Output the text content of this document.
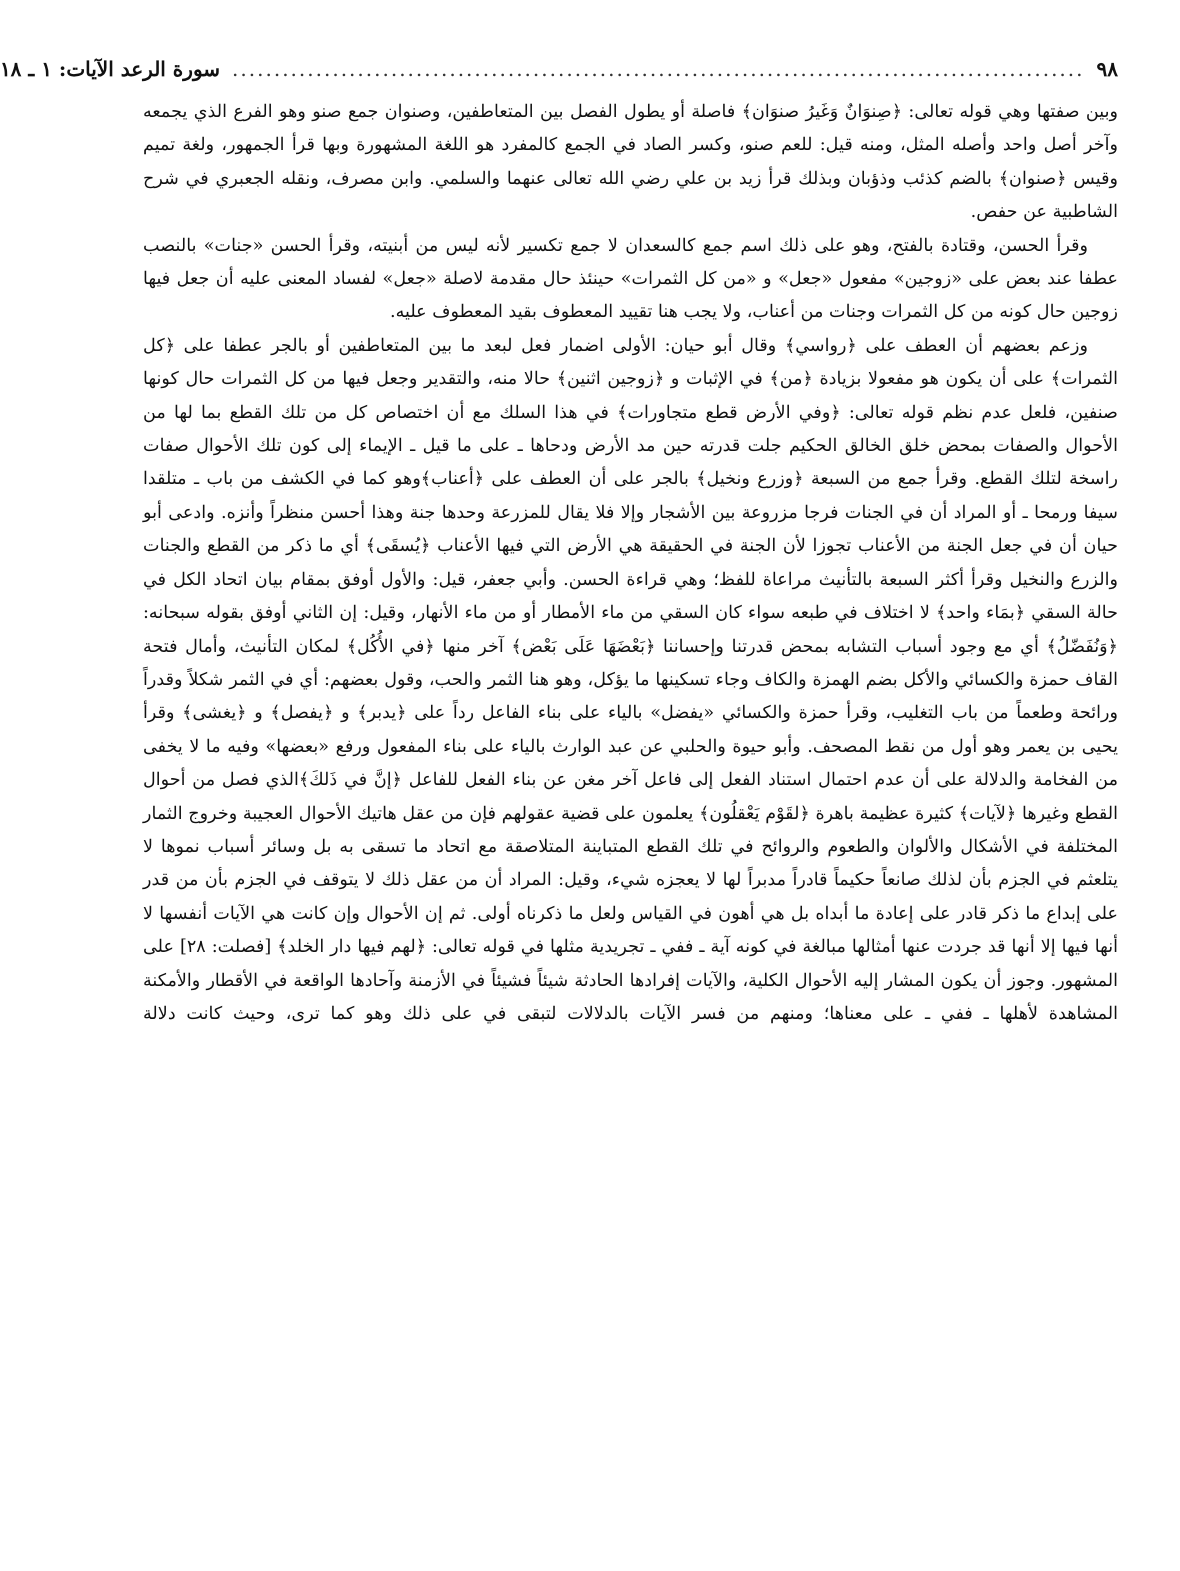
٩٨
......................................................................................................
سورة الرعد الآيات: ١ ـ ١٨

وبين صفتها وهي قوله تعالى: ﴿صِنوَانٌ وَغَيرُ صنوَان﴾ فاصلة أو يطول الفصل بين المتعاطفين، وصنوان جمع صنو وهو الفرع الذي يجمعه وآخر أصل واحد وأصله المثل، ومنه قيل: للعم صنو، وكسر الصاد في الجمع كالمفرد هو اللغة المشهورة وبها قرأ الجمهور، ولغة تميم وقيس ﴿صنوان﴾ بالضم كذئب وذؤبان وبذلك قرأ زيد بن علي رضي الله تعالى عنهما والسلمي. وابن مصرف، ونقله الجعبري في شرح الشاطبية عن حفص.

وقرأ الحسن، وقتادة بالفتح، وهو على ذلك اسم جمع كالسعدان لا جمع تكسير لأنه ليس من أبنيته، وقرأ الحسن «جنات» بالنصب عطفا عند بعض على «زوجين» مفعول «جعل» و «من كل الثمرات» حينئذ حال مقدمة لاصلة «جعل» لفساد المعنى عليه أن جعل فيها زوجين حال كونه من كل الثمرات وجنات من أعناب، ولا يجب هنا تقييد المعطوف بقيد المعطوف عليه.

وزعم بعضهم أن العطف على ﴿رواسي﴾ وقال أبو حيان: الأولى اضمار فعل لبعد ما بين المتعاطفين أو بالجر عطفا على ﴿كل الثمرات﴾ على أن يكون هو مفعولا بزيادة ﴿من﴾ في الإثبات و ﴿زوجين اثنين﴾ حالا منه، والتقدير وجعل فيها من كل الثمرات حال كونها صنفين، فلعل عدم نظم قوله تعالى: ﴿وفي الأرض قطع متجاورات﴾ في هذا السلك مع أن اختصاص كل من تلك القطع بما لها من الأحوال والصفات بمحض خلق الخالق الحكيم جلت قدرته حين مد الأرض ودحاها ـ على ما قيل ـ الإيماء إلى كون تلك الأحوال صفات راسخة لتلك القطع. وقرأ جمع من السبعة ﴿وزرع ونخيل﴾ بالجر على أن العطف على ﴿أعناب﴾وهو كما في الكشف من باب ـ متلقدا سيفا ورمحا ـ أو المراد أن في الجنات فرجا مزروعة بين الأشجار وإلا فلا يقال للمزرعة وحدها جنة وهذا أحسن منظراً وأنزه. وادعى أبو حيان أن في جعل الجنة من الأعناب تجوزا لأن الجنة في الحقيقة هي الأرض التي فيها الأعناب ﴿يُسقَى﴾ أي ما ذكر من القطع والجنات والزرع والنخيل وقرأ أكثر السبعة بالتأنيث مراعاة للفظ؛ وهي قراءة الحسن. وأبي جعفر، قيل: والأول أوفق بمقام بيان اتحاد الكل في حالة السقي ﴿بمَاء واحد﴾ لا اختلاف في طبعه سواء كان السقي من ماء الأمطار أو من ماء الأنهار، وقيل: إن الثاني أوفق بقوله سبحانه: ﴿وَنُفَضّلُ﴾ أي مع وجود أسباب التشابه بمحض قدرتنا وإحساننا ﴿بَعْضَهَا عَلَى بَعْض﴾ آخر منها ﴿في الأُكُل﴾ لمكان التأنيث، وأمال فتحة القاف حمزة والكسائي والأكل بضم الهمزة والكاف وجاء تسكينها ما يؤكل، وهو هنا الثمر والحب، وقول بعضهم: أي في الثمر شكلاً وقدراً ورائحة وطعماً من باب التغليب، وقرأ حمزة والكسائي «يفضل» بالياء على بناء الفاعل رداً على ﴿يدبر﴾ و ﴿يفصل﴾ و ﴿يغشى﴾ وقرأ يحيى بن يعمر وهو أول من نقط المصحف. وأبو حيوة والحلبي عن عبد الوارث بالياء على بناء المفعول ورفع «بعضها» وفيه ما لا يخفى من الفخامة والدلالة على أن عدم احتمال استناد الفعل إلى فاعل آخر مغن عن بناء الفعل للفاعل ﴿إنَّ في ذَلكَ﴾الذي فصل من أحوال القطع وغيرها ﴿لآيات﴾ كثيرة عظيمة باهرة ﴿لقَوْم يَعْقلُون﴾ يعلمون على قضية عقولهم فإن من عقل هاتيك الأحوال العجيبة وخروج الثمار المختلفة في الأشكال والألوان والطعوم والروائح في تلك القطع المتباينة المتلاصقة مع اتحاد ما تسقى به بل وسائر أسباب نموها لا يتلعثم في الجزم بأن لذلك صانعاً حكيماً قادراً مدبراً لها لا يعجزه شيء، وقيل: المراد أن من عقل ذلك لا يتوقف في الجزم بأن من قدر على إبداع ما ذكر قادر على إعادة ما أبداه بل هي أهون في القياس ولعل ما ذكرناه أولى. ثم إن الأحوال وإن كانت هي الآيات أنفسها لا أنها فيها إلا أنها قد جردت عنها أمثالها مبالغة في كونه آية ـ ففي ـ تجريدية مثلها في قوله تعالى: ﴿لهم فيها دار الخلد﴾ [فصلت: ٢٨] على المشهور. وجوز أن يكون المشار إليه الأحوال الكلية، والآيات إفرادها الحادثة شيئاً فشيئاً في الأزمنة وآحادها الواقعة في الأقطار والأمكنة المشاهدة لأهلها ـ ففي ـ على معناها؛ ومنهم من فسر الآيات بالدلالات لتبقى في على ذلك وهو كما ترى، وحيث كانت دلالة
